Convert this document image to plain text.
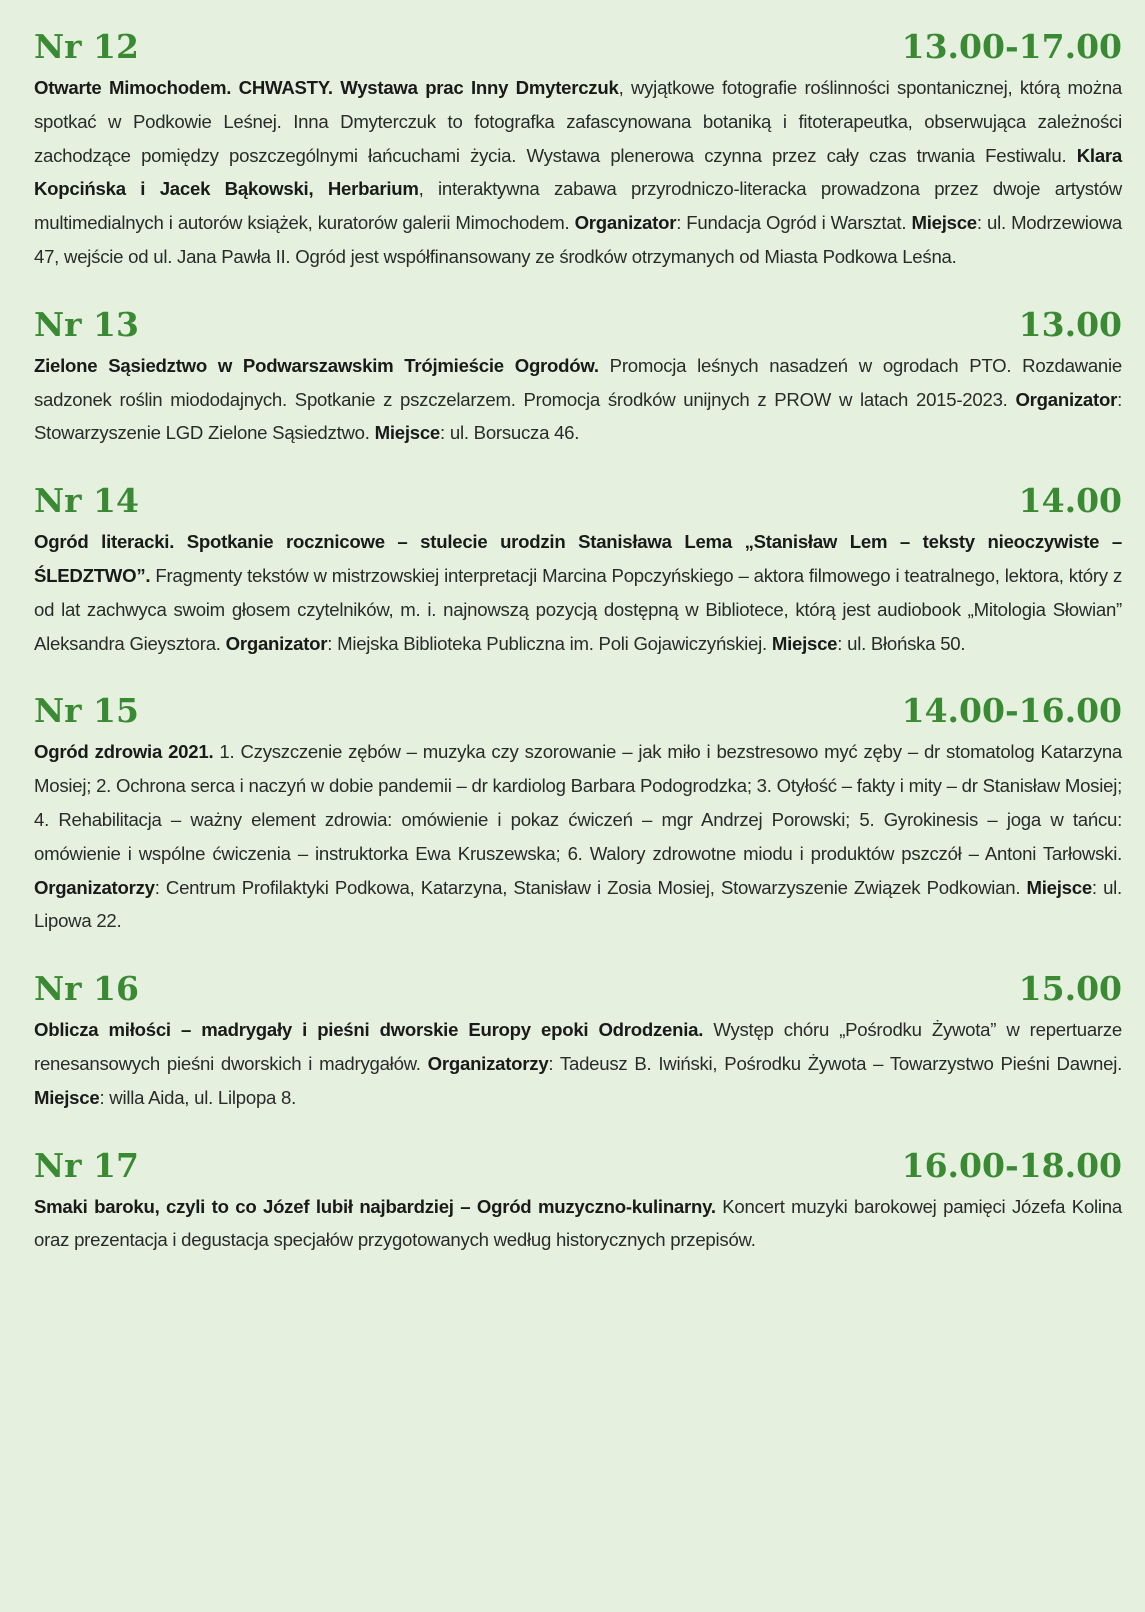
Nr 12	13.00-17.00

Otwarte Mimochodem. CHWASTY. Wystawa prac Inny Dmyterczuk, wyjątkowe fotografie roślinności spontanicznej, którą można spotkać w Podkowie Leśnej. Inna Dmyterczuk to fotografka zafascynowana botaniką i fitoterapeutka, obserwująca zależności zachodzące pomiędzy poszczególnymi łańcuchami życia. Wystawa plenerowa czynna przez cały czas trwania Festiwalu. Klara Kopcińska i Jacek Bąkowski, Herbarium, interaktywna zabawa przyrodniczo-literacka prowadzona przez dwoje artystów multimedialnych i autorów książek, kuratorów galerii Mimochodem. Organizator: Fundacja Ogród i Warsztat. Miejsce: ul. Modrzewiowa 47, wejście od ul. Jana Pawła II. Ogród jest współfinansowany ze środków otrzymanych od Miasta Podkowa Leśna.

Nr 13	13.00

Zielone Sąsiedztwo w Podwarszawskim Trójmieście Ogrodów. Promocja leśnych nasadzeń w ogrodach PTO. Rozdawanie sadzonek roślin miododajnych. Spotkanie z pszczelarzem. Promocja środków unijnych z PROW w latach 2015-2023. Organizator: Stowarzyszenie LGD Zielone Sąsiedztwo. Miejsce: ul. Borsucza 46.

Nr 14	14.00

Ogród literacki. Spotkanie rocznicowe – stulecie urodzin Stanisława Lema „Stanisław Lem – teksty nieoczywiste – ŚLEDZTWO”. Fragmenty tekstów w mistrzowskiej interpretacji Marcina Popczyńskiego – aktora filmowego i teatralnego, lektora, który z od lat zachwyca swoim głosem czytelników, m. i. najnowszą pozycją dostępną w Bibliotece, którą jest audiobook „Mitologia Słowian” Aleksandra Gieysztora. Organizator: Miejska Biblioteka Publiczna im. Poli Gojawiczyńskiej. Miejsce: ul. Błońska 50.

Nr 15	14.00-16.00

Ogród zdrowia 2021. 1. Czyszczenie zębów – muzyka czy szorowanie – jak miło i bezstresowo myć zęby – dr stomatolog Katarzyna Mosiej; 2. Ochrona serca i naczyń w dobie pandemii – dr kardiolog Barbara Podogrodzka; 3. Otyłość – fakty i mity – dr Stanisław Mosiej; 4. Rehabilitacja – ważny element zdrowia: omówienie i pokaz ćwiczeń – mgr Andrzej Porowski; 5. Gyrokinesis – joga w tańcu: omówienie i wspólne ćwiczenia – instruktorka Ewa Kruszewska; 6. Walory zdrowotne miodu i produktów pszczół – Antoni Tarłowski. Organizatorzy: Centrum Profilaktyki Podkowa, Katarzyna, Stanisław i Zosia Mosiej, Stowarzyszenie Związek Podkowian. Miejsce: ul. Lipowa 22.

Nr 16	15.00

Oblicza miłości – madrygały i pieśni dworskie Europy epoki Odrodzenia. Występ chóru „Pośrodku Żywota” w repertuarze renesansowych pieśni dworskich i madrygałów. Organizatorzy: Tadeusz B. Iwiński, Pośrodku Żywota – Towarzystwo Pieśni Dawnej. Miejsce: willa Aida, ul. Lilpopa 8.

Nr 17	16.00-18.00

Smaki baroku, czyli to co Józef lubił najbardziej – Ogród muzyczno-kulinarny. Koncert muzyki barokowej pamięci Józefa Kolina oraz prezentacja i degustacja specjałów przygotowanych według historycznych przepisów.
